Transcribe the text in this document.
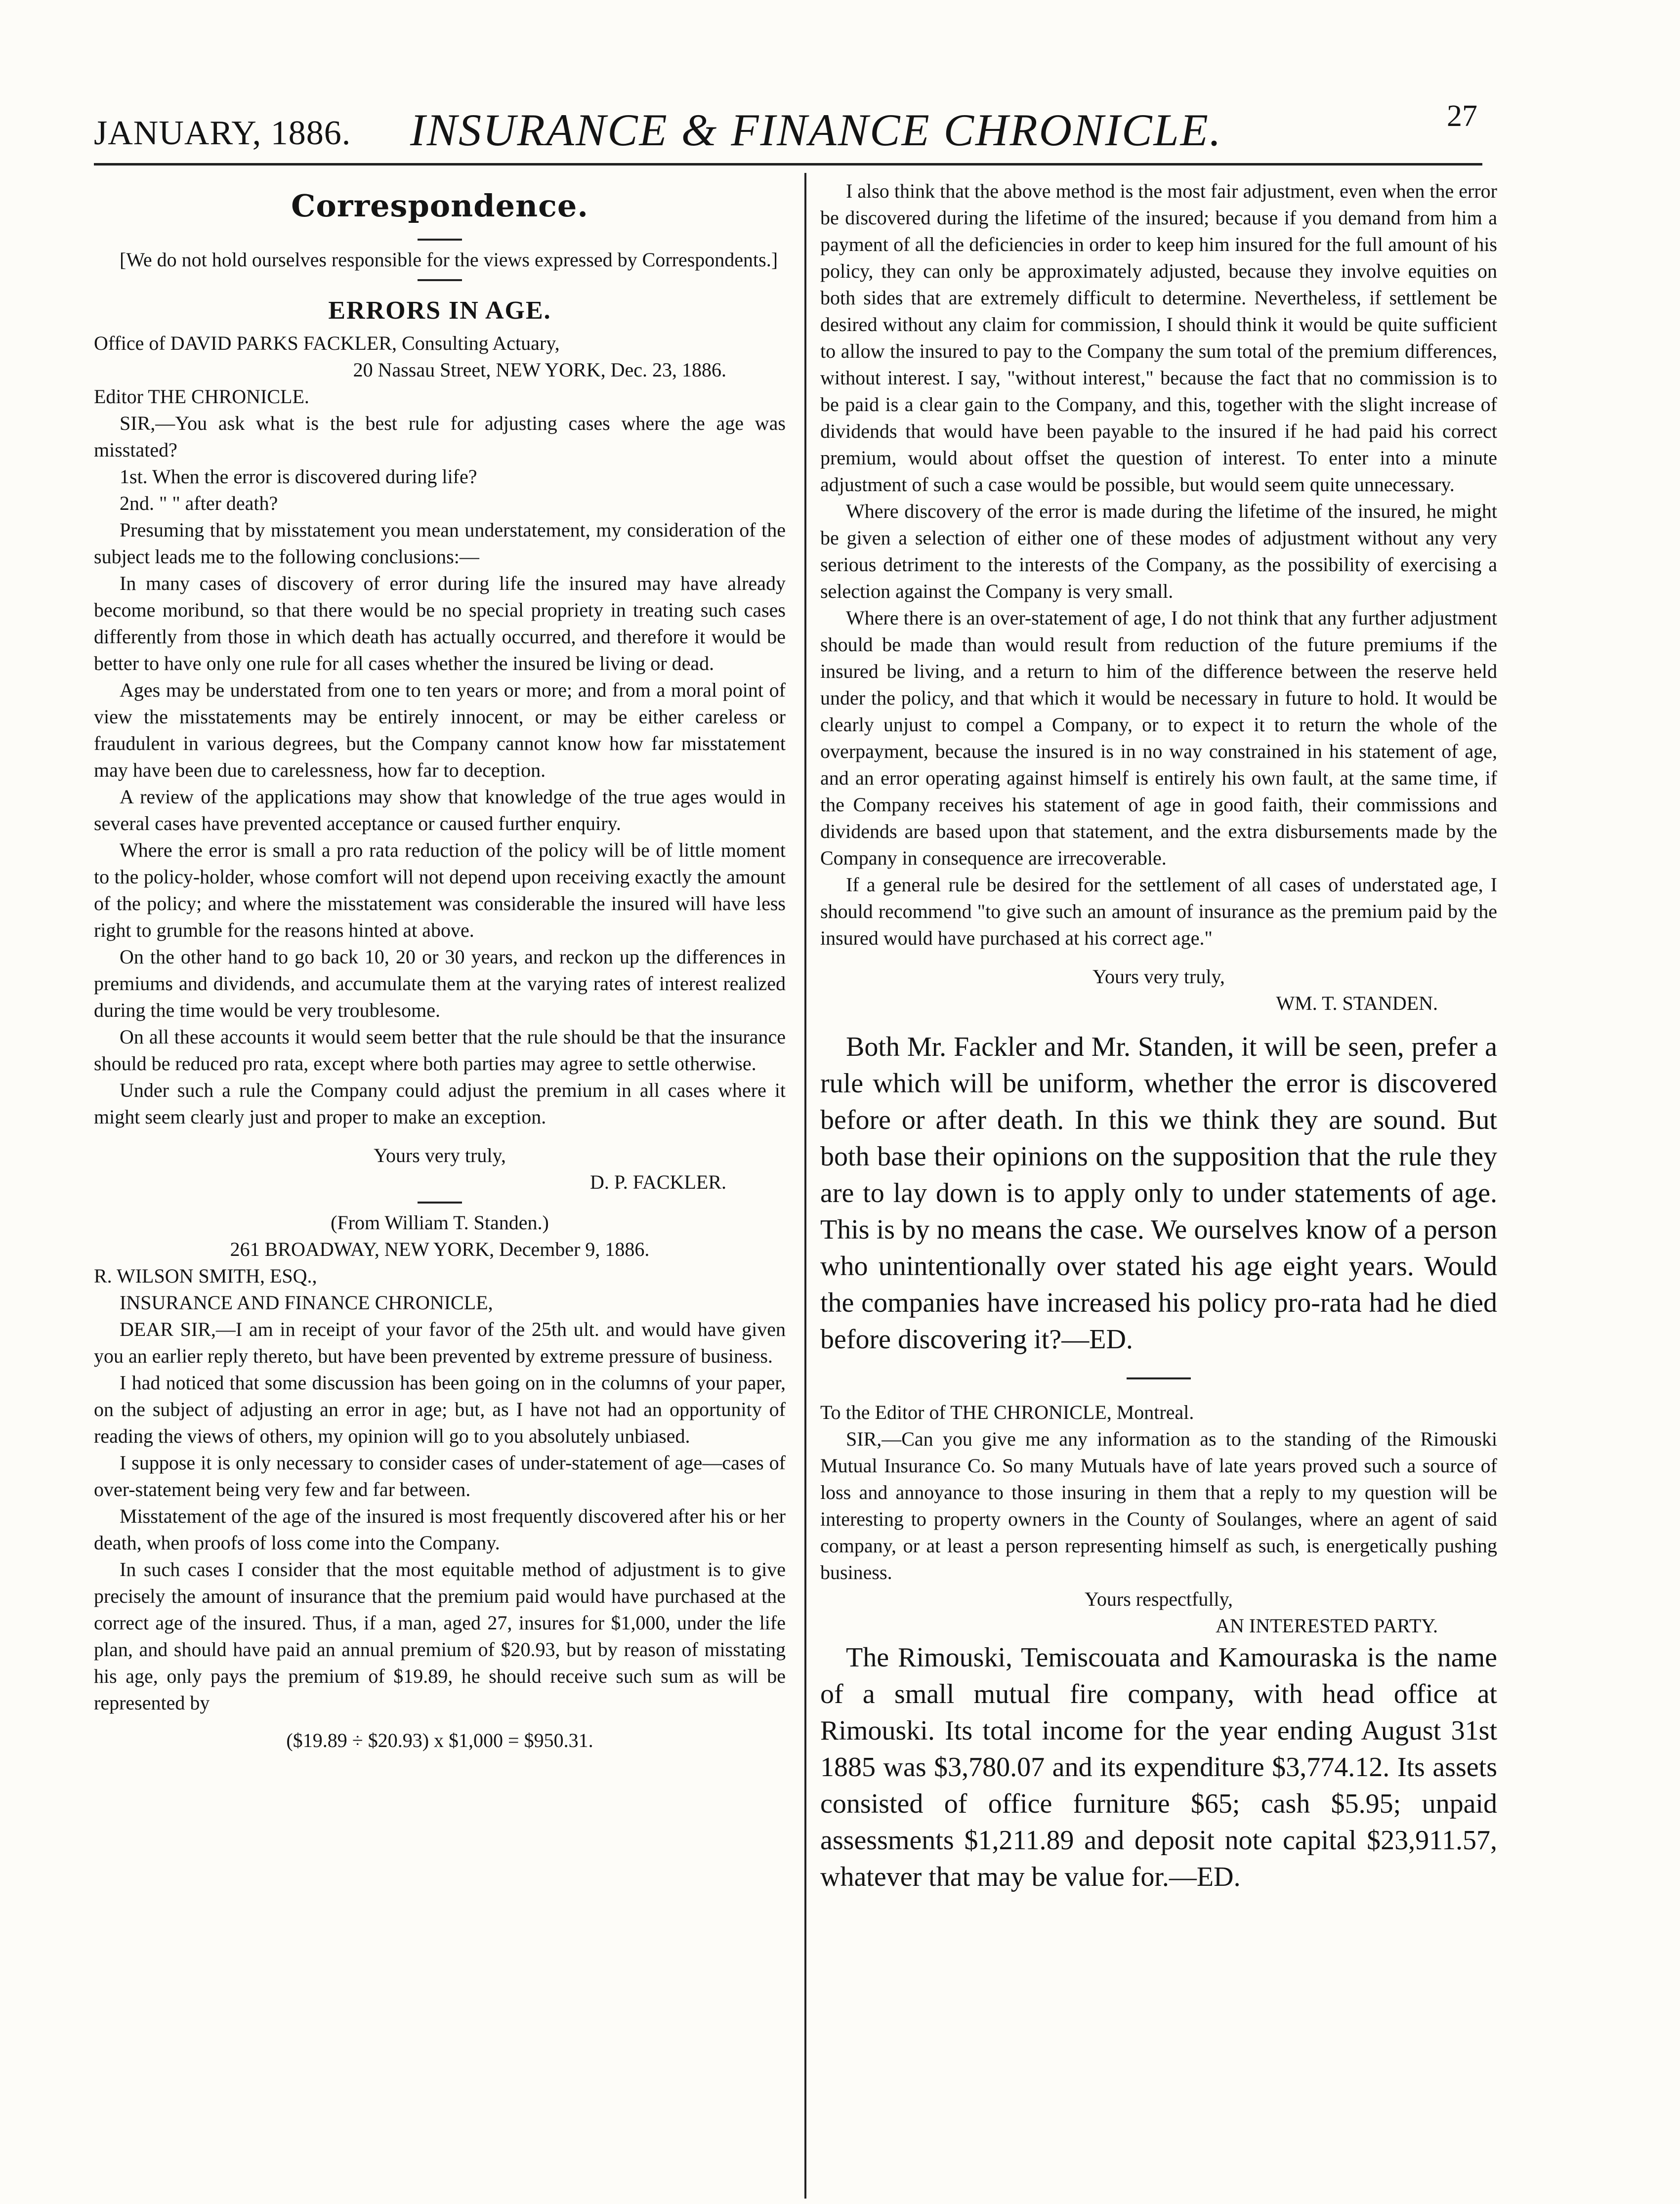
JANUARY, 1886. INSURANCE & FINANCE CHRONICLE.	27
Correspondence.

[We do not hold ourselves responsible for the views expressed by Correspondents.]

ERRORS IN AGE.

Office of DAVID PARKS FACKLER, Consulting Actuary,

20 Nassau Street, NEW YORK, Dec. 23, 1886.

Editor THE CHRONICLE.

SIR,—You ask what is the best rule for adjusting cases where the age was misstated?

1st. When the error is discovered during life?

2nd. " " after death?

Presuming that by misstatement you mean understatement, my consideration of the subject leads me to the following conclusions:—

In many cases of discovery of error during life the insured may have already become moribund, so that there would be no special propriety in treating such cases differently from those in which death has actually occurred, and therefore it would be better to have only one rule for all cases whether the insured be living or dead.

Ages may be understated from one to ten years or more; and from a moral point of view the misstatements may be entirely innocent, or may be either careless or fraudulent in various degrees, but the Company cannot know how far misstatement may have been due to carelessness, how far to deception.

A review of the applications may show that knowledge of the true ages would in several cases have prevented acceptance or caused further enquiry.

Where the error is small a pro rata reduction of the policy will be of little moment to the policy-holder, whose comfort will not depend upon receiving exactly the amount of the policy; and where the misstatement was considerable the insured will have less right to grumble for the reasons hinted at above.

On the other hand to go back 10, 20 or 30 years, and reckon up the differences in premiums and dividends, and accumulate them at the varying rates of interest realized during the time would be very troublesome.

On all these accounts it would seem better that the rule should be that the insurance should be reduced pro rata, except where both parties may agree to settle otherwise.

Under such a rule the Company could adjust the premium in all cases where it might seem clearly just and proper to make an exception.

Yours very truly,

D. P. FACKLER.

(From William T. Standen.)

261 BROADWAY, NEW YORK, December 9, 1886.

R. WILSON SMITH, ESQ.,

INSURANCE AND FINANCE CHRONICLE,

DEAR SIR,—I am in receipt of your favor of the 25th ult. and would have given you an earlier reply thereto, but have been prevented by extreme pressure of business.

I had noticed that some discussion has been going on in the columns of your paper, on the subject of adjusting an error in age; but, as I have not had an opportunity of reading the views of others, my opinion will go to you absolutely unbiased.

I suppose it is only necessary to consider cases of under-statement of age—cases of over-statement being very few and far between.

Misstatement of the age of the insured is most frequently discovered after his or her death, when proofs of loss come into the Company.

In such cases I consider that the most equitable method of adjustment is to give precisely the amount of insurance that the premium paid would have purchased at the correct age of the insured. Thus, if a man, aged 27, insures for $1,000, under the life plan, and should have paid an annual premium of $20.93, but by reason of misstating his age, only pays the premium of $19.89, he should receive such sum as will be represented by

($19.89 ÷ $20.93) x $1,000 = $950.31.

I also think that the above method is the most fair adjustment, even when the error be discovered during the lifetime of the insured; because if you demand from him a payment of all the deficiencies in order to keep him insured for the full amount of his policy, they can only be approximately adjusted, because they involve equities on both sides that are extremely difficult to determine. Nevertheless, if settlement be desired without any claim for commission, I should think it would be quite sufficient to allow the insured to pay to the Company the sum total of the premium differences, without interest. I say, "without interest," because the fact that no commission is to be paid is a clear gain to the Company, and this, together with the slight increase of dividends that would have been payable to the insured if he had paid his correct premium, would about offset the question of interest. To enter into a minute adjustment of such a case would be possible, but would seem quite unnecessary.

Where discovery of the error is made during the lifetime of the insured, he might be given a selection of either one of these modes of adjustment without any very serious detriment to the interests of the Company, as the possibility of exercising a selection against the Company is very small.

Where there is an over-statement of age, I do not think that any further adjustment should be made than would result from reduction of the future premiums if the insured be living, and a return to him of the difference between the reserve held under the policy, and that which it would be necessary in future to hold. It would be clearly unjust to compel a Company, or to expect it to return the whole of the overpayment, because the insured is in no way constrained in his statement of age, and an error operating against himself is entirely his own fault, at the same time, if the Company receives his statement of age in good faith, their commissions and dividends are based upon that statement, and the extra disbursements made by the Company in consequence are irrecoverable.

If a general rule be desired for the settlement of all cases of understated age, I should recommend "to give such an amount of insurance as the premium paid by the insured would have purchased at his correct age."

Yours very truly,

WM. T. STANDEN.

Both Mr. Fackler and Mr. Standen, it will be seen, prefer a rule which will be uniform, whether the error is discovered before or after death. In this we think they are sound. But both base their opinions on the supposition that the rule they are to lay down is to apply only to under statements of age. This is by no means the case. We ourselves know of a person who unintentionally over stated his age eight years. Would the companies have increased his policy pro-rata had he died before discovering it?—ED.

To the Editor of THE CHRONICLE, Montreal.

SIR,—Can you give me any information as to the standing of the Rimouski Mutual Insurance Co. So many Mutuals have of late years proved such a source of loss and annoyance to those insuring in them that a reply to my question will be interesting to property owners in the County of Soulanges, where an agent of said company, or at least a person representing himself as such, is energetically pushing business.

Yours respectfully,

AN INTERESTED PARTY.

The Rimouski, Temiscouata and Kamouraska is the name of a small mutual fire company, with head office at Rimouski. Its total income for the year ending August 31st 1885 was $3,780.07 and its expenditure $3,774.12. Its assets consisted of office furniture $65; cash $5.95; unpaid assessments $1,211.89 and deposit note capital $23,911.57, whatever that may be value for.—ED.
